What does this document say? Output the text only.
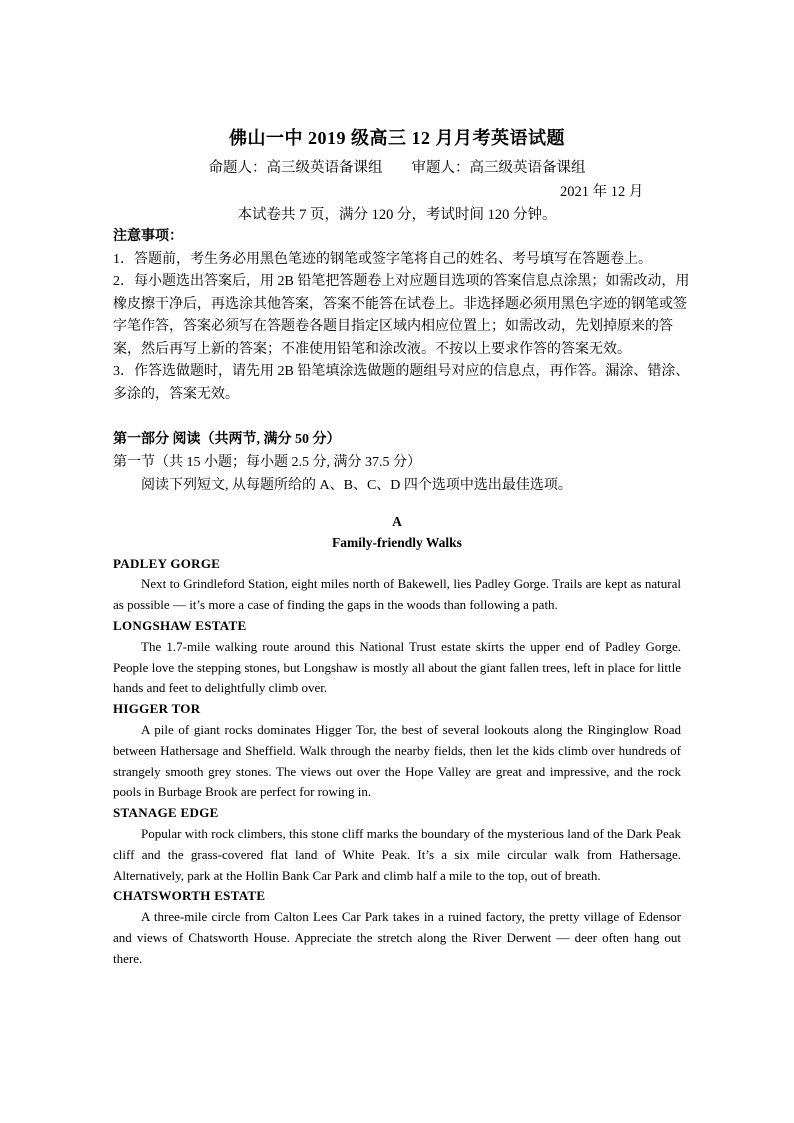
佛山一中 2019 级高三 12 月月考英语试题
命题人：高三级英语备课组　　审题人：高三级英语备课组
2021 年 12 月
本试卷共 7 页，满分 120 分，考试时间 120 分钟。
注意事项：
1．答题前，考生务必用黑色笔迹的钢笔或签字笔将自己的姓名、考号填写在答题卷上。
2．每小题选出答案后，用 2B 铅笔把答题卷上对应题目选项的答案信息点涂黑；如需改动，用橡皮擦干净后，再选涂其他答案，答案不能答在试卷上。非选择题必须用黑色字迹的钢笔或签字笔作答，答案必须写在答题卷各题目指定区域内相应位置上；如需改动，先划掉原来的答案，然后再写上新的答案；不准使用铅笔和涂改液。不按以上要求作答的答案无效。
3．作答选做题时，请先用 2B 铅笔填涂选做题的题组号对应的信息点，再作答。漏涂、错涂、多涂的，答案无效。
第一部分 阅读（共两节, 满分 50 分）
第一节（共 15 小题；每小题 2.5 分, 满分 37.5 分）
阅读下列短文, 从每题所给的 A、B、C、D 四个选项中选出最佳选项。
A
Family-friendly Walks
PADLEY GORGE

Next to Grindleford Station, eight miles north of Bakewell, lies Padley Gorge. Trails are kept as natural as possible — it’s more a case of finding the gaps in the woods than following a path.

LONGSHAW ESTATE

The 1.7-mile walking route around this National Trust estate skirts the upper end of Padley Gorge. People love the stepping stones, but Longshaw is mostly all about the giant fallen trees, left in place for little hands and feet to delightfully climb over.

HIGGER TOR

A pile of giant rocks dominates Higger Tor, the best of several lookouts along the Ringinglow Road between Hathersage and Sheffield. Walk through the nearby fields, then let the kids climb over hundreds of strangely smooth grey stones. The views out over the Hope Valley are great and impressive, and the rock pools in Burbage Brook are perfect for rowing in.

STANAGE EDGE

Popular with rock climbers, this stone cliff marks the boundary of the mysterious land of the Dark Peak cliff and the grass-covered flat land of White Peak. It’s a six mile circular walk from Hathersage. Alternatively, park at the Hollin Bank Car Park and climb half a mile to the top, out of breath.

CHATSWORTH ESTATE

A three-mile circle from Calton Lees Car Park takes in a ruined factory, the pretty village of Edensor and views of Chatsworth House. Appreciate the stretch along the River Derwent — deer often hang out there.
